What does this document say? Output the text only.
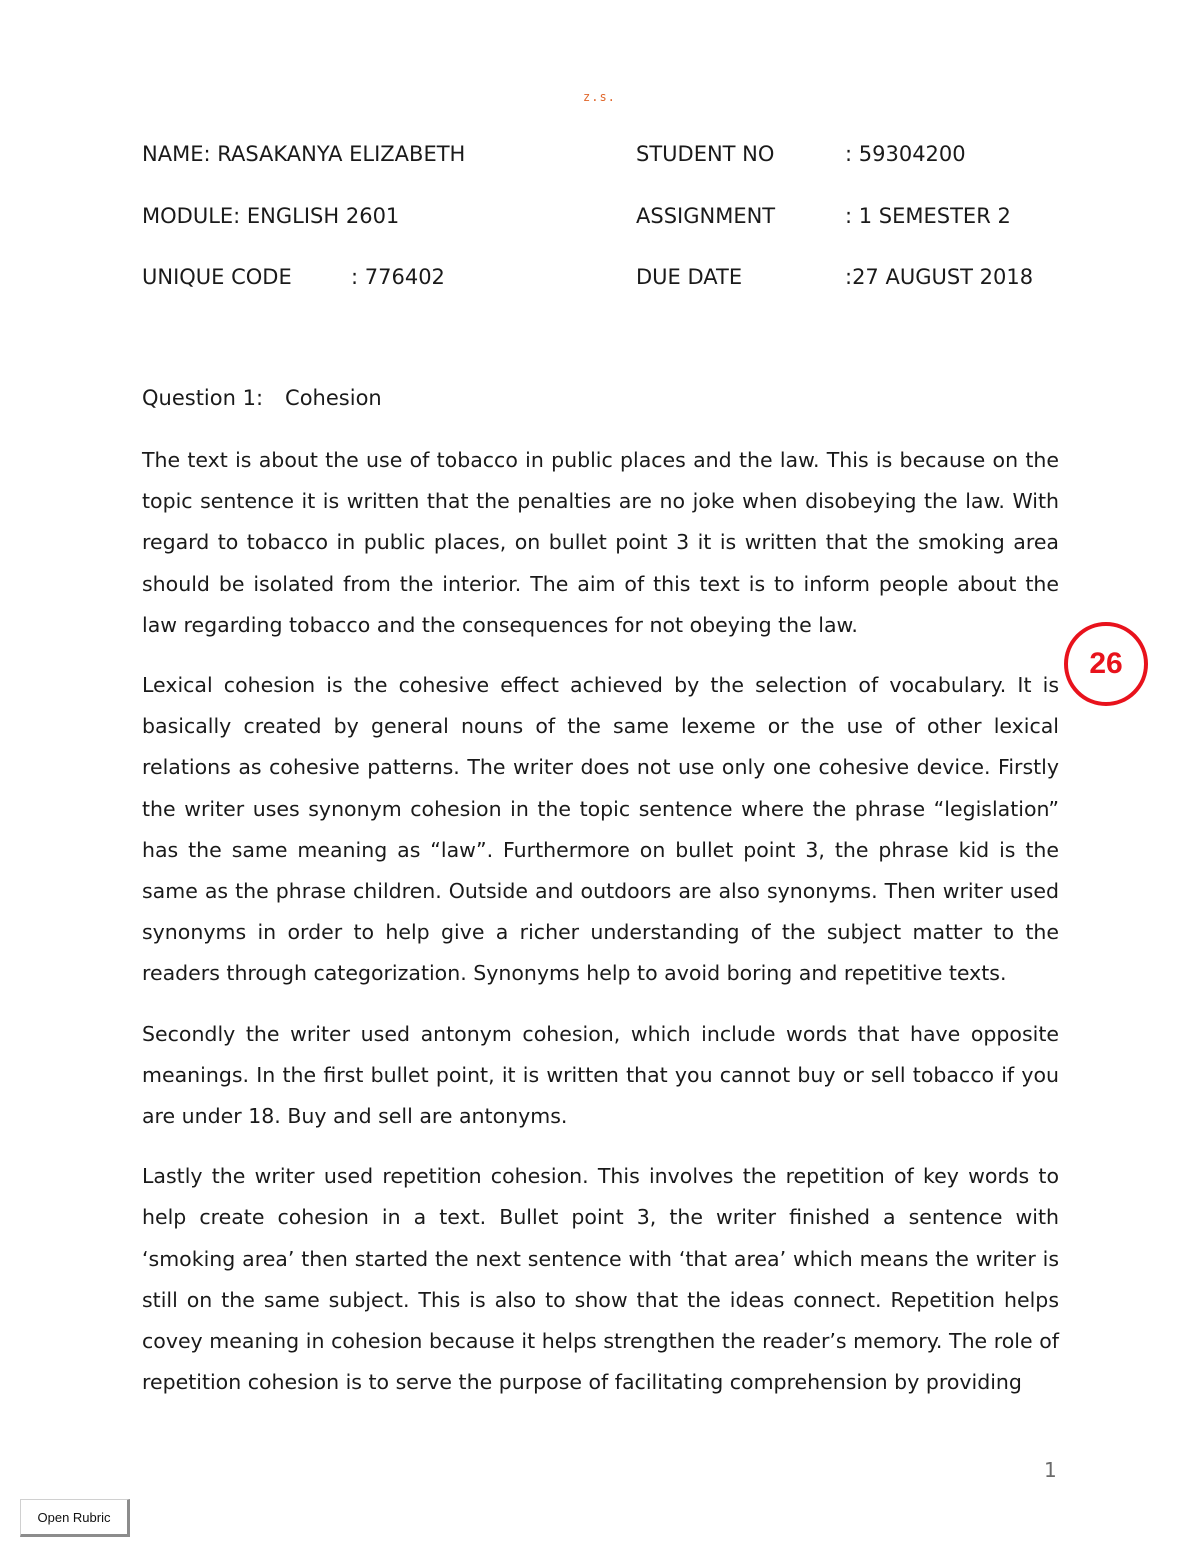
z.s.
NAME: RASAKANYA ELIZABETH
MODULE: ENGLISH 2601
UNIQUE CODE	: 776402
STUDENT NO	: 59304200
ASSIGNMENT	: 1 SEMESTER 2
DUE DATE	:27 AUGUST 2018
Question 1: Cohesion

The text is about the use of tobacco in public places and the law. This is because on the topic sentence it is written that the penalties are no joke when disobeying the law. With regard to tobacco in public places, on bullet point 3 it is written that the smoking area should be isolated from the interior. The aim of this text is to inform people about the law regarding tobacco and the consequences for not obeying the law.

Lexical cohesion is the cohesive effect achieved by the selection of vocabulary. It is basically created by general nouns of the same lexeme or the use of other lexical relations as cohesive patterns. The writer does not use only one cohesive device. Firstly the writer uses synonym cohesion in the topic sentence where the phrase “legislation” has the same meaning as “law”. Furthermore on bullet point 3, the phrase kid is the same as the phrase children. Outside and outdoors are also synonyms. Then writer used synonyms in order to help give a richer understanding of the subject matter to the readers through categorization. Synonyms help to avoid boring and repetitive texts.

Secondly the writer used antonym cohesion, which include words that have opposite meanings. In the first bullet point, it is written that you cannot buy or sell tobacco if you are under 18. Buy and sell are antonyms.

Lastly the writer used repetition cohesion. This involves the repetition of key words to help create cohesion in a text. Bullet point 3, the writer finished a sentence with ‘smoking area’ then started the next sentence with ‘that area’ which means the writer is still on the same subject. This is also to show that the ideas connect. Repetition helps covey meaning in cohesion because it helps strengthen the reader’s memory. The role of repetition cohesion is to serve the purpose of facilitating comprehension by providing

26
1
Open Rubric
